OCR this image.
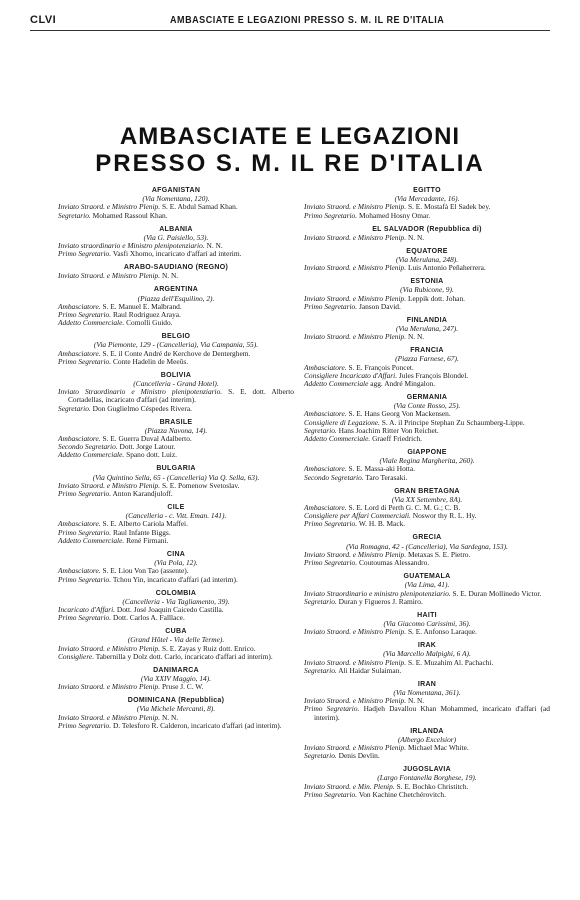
CLVI	AMBASCIATE E LEGAZIONI PRESSO S. M. IL RE D'ITALIA
AMBASCIATE E LEGAZIONI
PRESSO S. M. IL RE D'ITALIA
AFGANISTAN
(Via Nomentana, 120).
Inviato Straord. e Ministro Plenip. S. E. Abdul Samad Khan.
Segretario. Mohamed Rassoul Khan.
ALBANIA
(Via G. Paisiello, 53).
Inviato straordinario e Ministro plenipotenziario. N. N.
Primo Segretario. Vasfi Xhomo, incaricato d'affari ad interim.
ARABO-SAUDIANO (REGNO)
Inviato Straord. e Ministro Plenip. N. N.
ARGENTINA
(Piazza dell'Esquilino, 2).
Ambasciatore. S. E. Manuel E. Malbrand.
Primo Segretario. Raul Rodriguez Araya.
Addetto Commerciale. Comolli Guido.
BELGIO
(Via Piemonte, 129 - (Cancelleria), Via Campania, 55).
Ambasciatore. S. E. il Conte André de Kerchove de Denterghem.
Primo Segretario. Conte Hadelin de Meeûs.
BOLIVIA
(Cancelleria - Grand Hotel).
Inviato Straordinario e Ministro plenipotenziario. S. E. dott. Alberto Cortadellas, incaricato d'affari (ad interim).
Segretario. Don Guglielmo Céspedes Rivera.
BRASILE
(Piazza Navona, 14).
Ambasciatore. S. E. Guerra Duval Adalberto.
Secondo Segretario. Dott. Jorge Latour.
Addetto Commerciale. Spano dott. Luiz.
BULGARIA
(Via Quintino Sella, 65 - (Cancelleria) Via Q. Sella, 63).
Inviato Straord. e Ministro Plenip. S. E. Pomenow Svetoslav.
Primo Segretario. Anton Karandjuloff.
CILE
(Cancelleria - c. Vitt. Eman. 141).
Ambasciatore. S. E. Alberto Cariola Maffei.
Primo Segretario. Raul Infante Biggs.
Addetto Commerciale. René Firmani.
CINA
(Via Pola, 12).
Ambasciatore. S. E. Liou Von Tao (assente).
Primo Segretario. Tchou Yin, incaricato d'affari (ad interim).
COLOMBIA
(Cancelleria - Via Tagliamento, 39).
Incaricato d'Affari. Dott. José Joaquin Caicedo Castilla.
Primo Segretario. Dott. Carlos A. Falllace.
CUBA
(Grand Hôtel - Via delle Terme).
Inviato Straord. e Ministro Plenip. S. E. Zayas y Ruiz dott. Enrico.
Consigliere. Tabernilla y Dolz dott. Carlo, incaricato d'affari ad interim).
DANIMARCA
(Via XXIV Maggio, 14).
Inviato Straord. e Ministro Plenip. Pruse J. C. W.
DOMINICANA (Repubblica)
(Via Michele Mercanti, 8).
Inviato Straord. e Ministro Plenip. N. N.
Primo Segretario. D. Telesforo R. Calderon, incaricato d'affari (ad interim).
EGITTO
(Via Mercadante, 16).
Inviato Straord. e Ministro Plenip. S. E. Mostafà El Sadek bey.
Primo Segretario. Mohamed Hosny Omar.
EL SALVADOR (Repubblica di)
Inviato Straord. e Ministro Plenip. N. N.
EQUATORE
(Via Merulana, 248).
Inviato Straord. e Ministro Plenip. Luis Antonio Peñaherrera.
ESTONIA
(Via Rubicone, 9).
Inviato Straord. e Ministro Plenip. Leppik dott. Johan.
Primo Segretario. Janson David.
FINLANDIA
(Via Merulana, 247).
Inviato Straord. e Ministro Plenip. N. N.
FRANCIA
(Piazza Farnese, 67).
Ambasciatore. S. E. François Poncet.
Consigliere Incaricato d'Affari. Jules François Blondel.
Addetto Commerciale agg. André Mingalon.
GERMANIA
(Via Conte Rosso, 25).
Ambasciatore. S. E. Hans Georg Von Mackensen.
Consigliere di Legazione. S. A. il Principe Stephan Zu Schaumberg-Lippe.
Segretario. Hans Joachim Ritter Von Reichet.
Addetto Commerciale. Graeff Friedrich.
GIAPPONE
(Viale Regina Margherita, 260).
Ambasciatore. S. E. Massa-aki Hotta.
Secondo Segretario. Taro Terasaki.
GRAN BRETAGNA
(Via XX Settembre, 8A).
Ambasciatore. S. E. Lord di Perth G. C. M. G.; C. B.
Consigliere per Affari Commerciali. Noswor thy R. L. Hy.
Primo Segretario. W. H. B. Mack.
GRECIA
(Via Romagna, 42 - (Cancelleria), Via Sardegna, 153).
Inviato Straord. e Ministro Plenip. Metaxas S. E. Pietro.
Primo Segretario. Coutoumas Alessandro.
GUATEMALA
(Via Lima, 41).
Inviato Straordinario e ministro plenipotenziario. S. E. Duran Mollinedo Victor.
Segretario. Duran y Figueros J. Ramiro.
HAITI
(Via Giacomo Carissimi, 36).
Inviato Straord. e Ministro Plenip. S. E. Anfonso Laraque.
IRAK
(Via Marcello Malpighi, 6 A).
Inviato Straord. e Ministro Plenip. S. E. Muzahim Al. Pachachi.
Segretario. Ali Haidar Sulaiman.
IRAN
(Via Nomentana, 361).
Inviato Straord. e Ministro Plenip. N. N.
Primo Segretario. Hadjeh Davallou Khan Mohammed, incaricato d'affari (ad interim).
IRLANDA
(Albergo Excelsior)
Inviato Straord. e Ministro Plenip. Michael Mac White.
Segretario. Denis Devlin.
JUGOSLAVIA
(Largo Fontanella Borghese, 19).
Inviato Straord. e Min. Plenip. S. E. Bochko Christitch.
Primo Segretario. Von Kachine Chetchérovitch.
